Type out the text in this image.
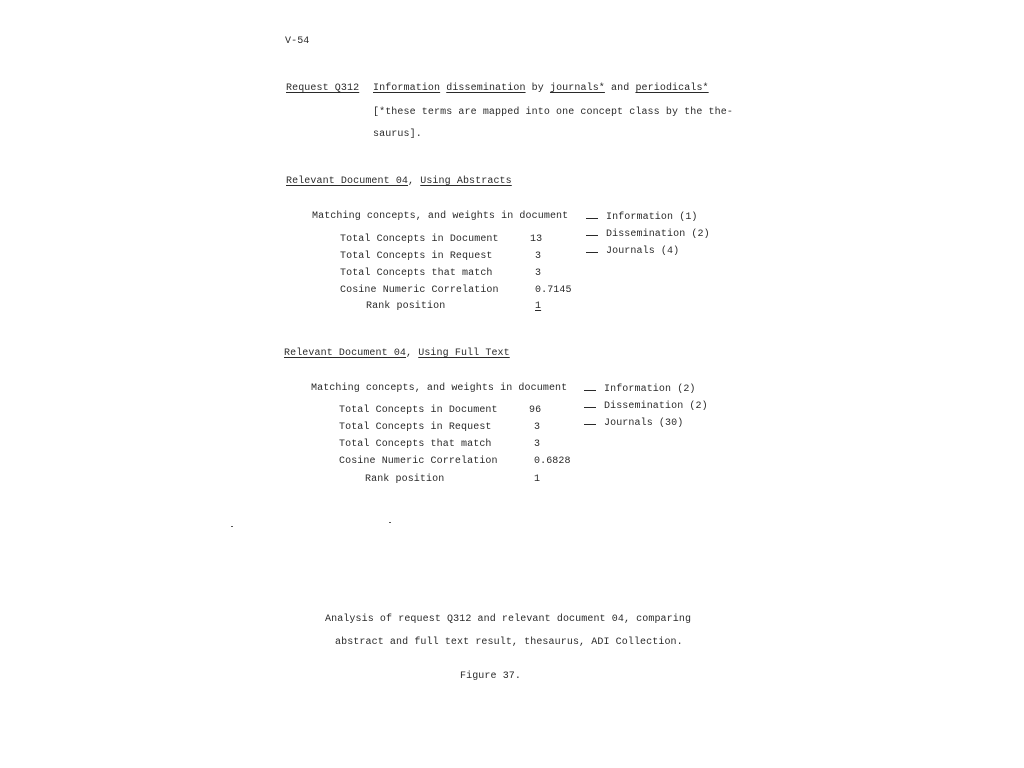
V-54
Request Q312 Information dissemination by journals* and periodicals*
[*these terms are mapped into one concept class by the the-
saurus].
Relevant Document 04, Using Abstracts
Matching concepts, and weights in document	Information (1)
Dissemination (2)
Journals (4)
Total Concepts in Document	13
Total Concepts in Request	3
Total Concepts that match	3
Cosine Numeric Correlation	0.7145
Rank position	1
Relevant Document 04, Using Full Text
Matching concepts, and weights in document	Information (2)
Dissemination (2)
Journals (30)
Total Concepts in Document	96
Total Concepts in Request	3
Total Concepts that match	3
Cosine Numeric Correlation	0.6828
Rank position	1
Analysis of request Q312 and relevant document 04, comparing
abstract and full text result, thesaurus, ADI Collection.
Figure 37.
